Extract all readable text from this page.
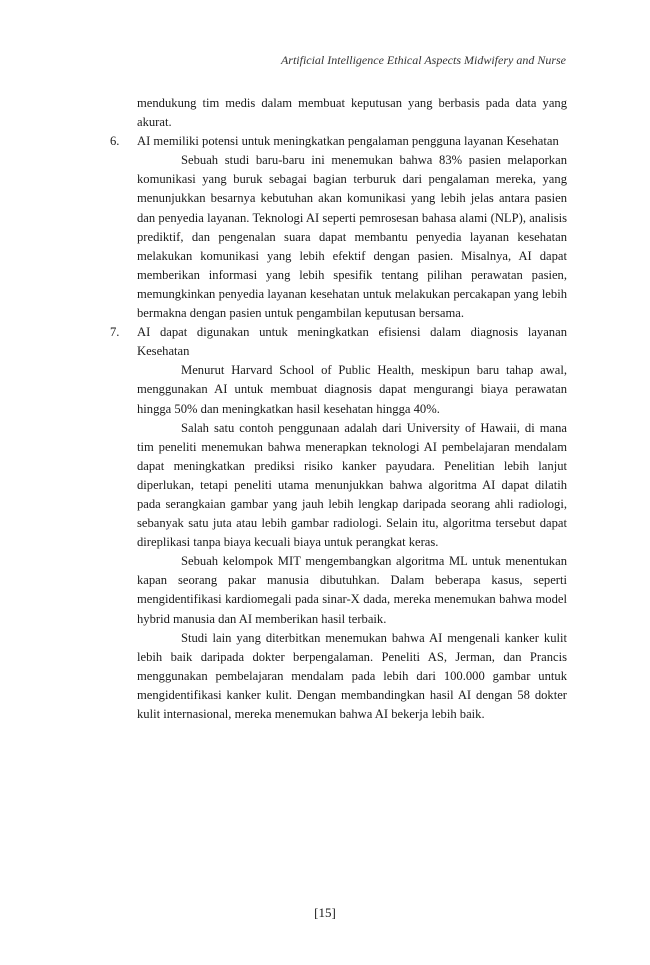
Artificial Intelligence Ethical Aspects Midwifery and Nurse

mendukung tim medis dalam membuat keputusan yang berbasis pada data yang akurat.

6. AI memiliki potensi untuk meningkatkan pengalaman pengguna layanan Kesehatan

Sebuah studi baru-baru ini menemukan bahwa 83% pasien melaporkan komunikasi yang buruk sebagai bagian terburuk dari pengalaman mereka, yang menunjukkan besarnya kebutuhan akan komunikasi yang lebih jelas antara pasien dan penyedia layanan. Teknologi AI seperti pemrosesan bahasa alami (NLP), analisis prediktif, dan pengenalan suara dapat membantu penyedia layanan kesehatan melakukan komunikasi yang lebih efektif dengan pasien. Misalnya, AI dapat memberikan informasi yang lebih spesifik tentang pilihan perawatan pasien, memungkinkan penyedia layanan kesehatan untuk melakukan percakapan yang lebih bermakna dengan pasien untuk pengambilan keputusan bersama.

7. AI dapat digunakan untuk meningkatkan efisiensi dalam diagnosis layanan Kesehatan

Menurut Harvard School of Public Health, meskipun baru tahap awal, menggunakan AI untuk membuat diagnosis dapat mengurangi biaya perawatan hingga 50% dan meningkatkan hasil kesehatan hingga 40%.

Salah satu contoh penggunaan adalah dari University of Hawaii, di mana tim peneliti menemukan bahwa menerapkan teknologi AI pembelajaran mendalam dapat meningkatkan prediksi risiko kanker payudara. Penelitian lebih lanjut diperlukan, tetapi peneliti utama menunjukkan bahwa algoritma AI dapat dilatih pada serangkaian gambar yang jauh lebih lengkap daripada seorang ahli radiologi, sebanyak satu juta atau lebih gambar radiologi. Selain itu, algoritma tersebut dapat direplikasi tanpa biaya kecuali biaya untuk perangkat keras.

Sebuah kelompok MIT mengembangkan algoritma ML untuk menentukan kapan seorang pakar manusia dibutuhkan. Dalam beberapa kasus, seperti mengidentifikasi kardiomegali pada sinar-X dada, mereka menemukan bahwa model hybrid manusia dan AI memberikan hasil terbaik.

Studi lain yang diterbitkan menemukan bahwa AI mengenali kanker kulit lebih baik daripada dokter berpengalaman. Peneliti AS, Jerman, dan Prancis menggunakan pembelajaran mendalam pada lebih dari 100.000 gambar untuk mengidentifikasi kanker kulit. Dengan membandingkan hasil AI dengan 58 dokter kulit internasional, mereka menemukan bahwa AI bekerja lebih baik.

[15]
